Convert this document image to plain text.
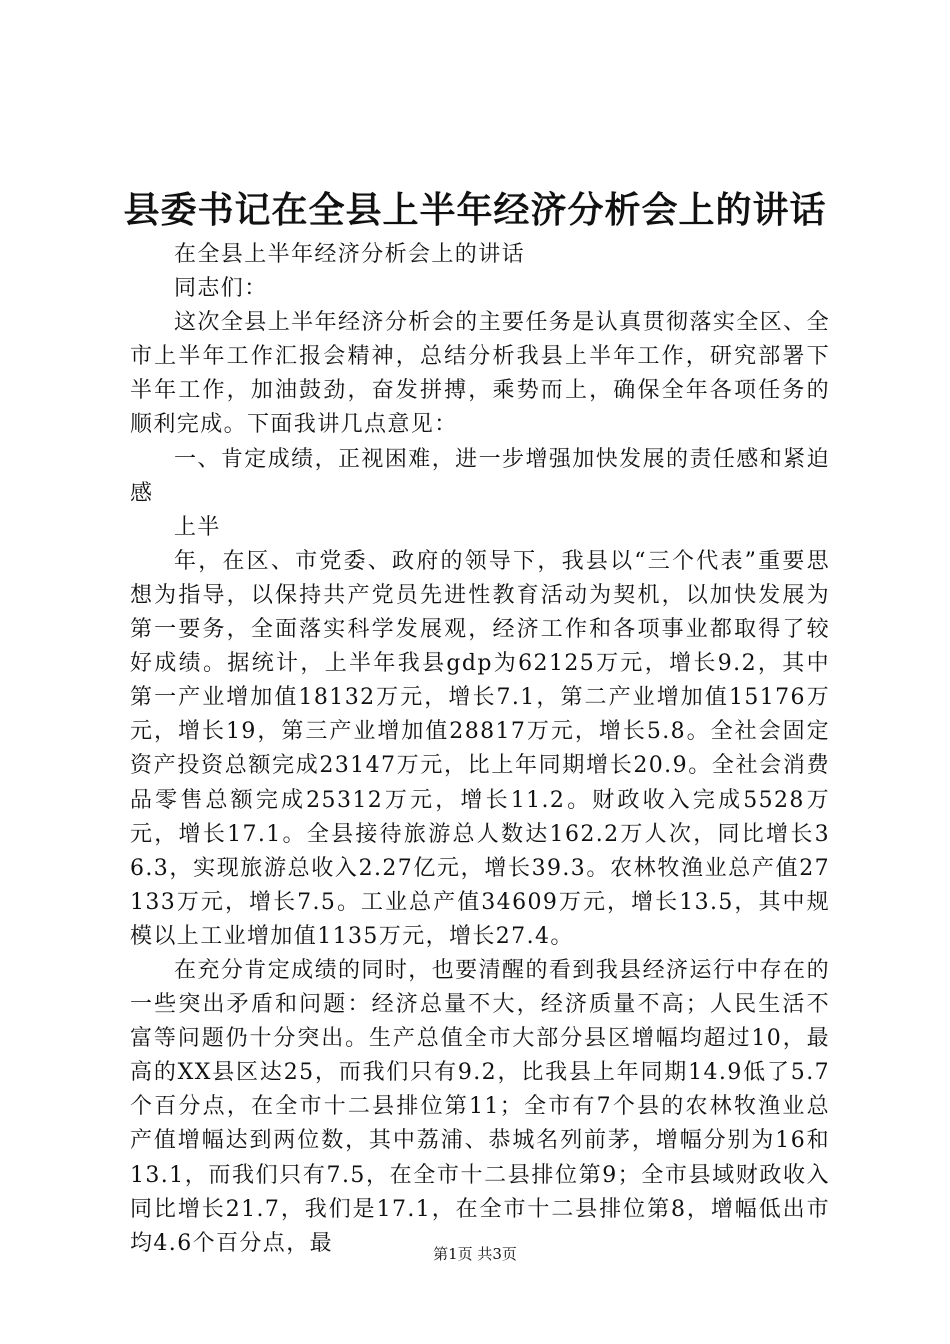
县委书记在全县上半年经济分析会上的讲话

在全县上半年经济分析会上的讲话

同志们：

这次全县上半年经济分析会的主要任务是认真贯彻落实全区、全市上半年工作汇报会精神，总结分析我县上半年工作，研究部署下半年工作，加油鼓劲，奋发拼搏，乘势而上，确保全年各项任务的顺利完成。下面我讲几点意见：

一、肯定成绩，正视困难，进一步增强加快发展的责任感和紧迫感

上半

年，在区、市党委、政府的领导下，我县以“三个代表”重要思想为指导，以保持共产党员先进性教育活动为契机，以加快发展为第一要务，全面落实科学发展观，经济工作和各项事业都取得了较好成绩。据统计，上半年我县gdp为62125万元，增长9.2，其中第一产业增加值18132万元，增长7.1，第二产业增加值15176万元，增长19，第三产业增加值28817万元，增长5.8。全社会固定资产投资总额完成23147万元，比上年同期增长20.9。全社会消费品零售总额完成25312万元，增长11.2。财政收入完成5528万元，增长17.1。全县接待旅游总人数达162.2万人次，同比增长36.3，实现旅游总收入2.27亿元，增长39.3。农林牧渔业总产值27133万元，增长7.5。工业总产值34609万元，增长13.5，其中规模以上工业增加值1135万元，增长27.4。

在充分肯定成绩的同时，也要清醒的看到我县经济运行中存在的一些突出矛盾和问题：经济总量不大，经济质量不高；人民生活不富等问题仍十分突出。生产总值全市大部分县区增幅均超过10，最高的XX县区达25，而我们只有9.2，比我县上年同期14.9低了5.7个百分点，在全市十二县排位第11；全市有7个县的农林牧渔业总产值增幅达到两位数，其中荔浦、恭城名列前茅，增幅分别为16和13.1，而我们只有7.5，在全市十二县排位第9；全市县域财政收入同比增长21.7，我们是17.1，在全市十二县排位第8，增幅低出市均4.6个百分点，最	第1页 共3页
